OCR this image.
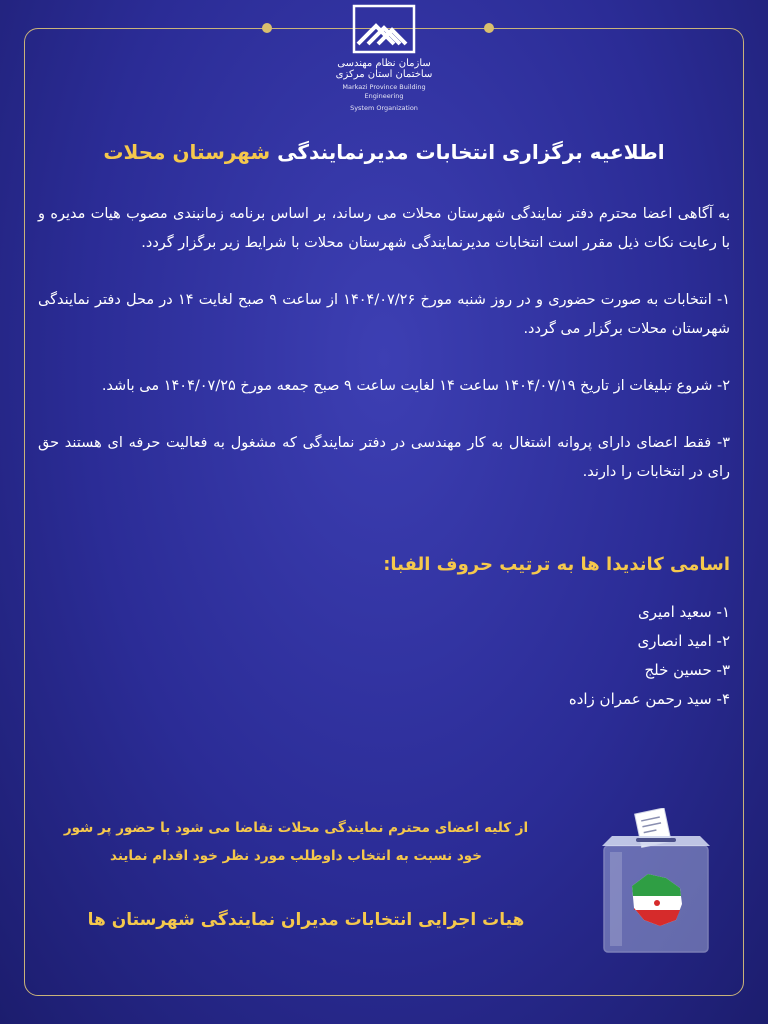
سازمان نظام مهندسی ساختمان استان مرکزی
Markazi Province Building Engineering
System Organization
اطلاعیه برگزاری انتخابات مدیرنمایندگی شهرستان محلات

به آگاهی اعضا محترم دفتر نمایندگی شهرستان محلات می رساند، بر اساس برنامه زمانبندی مصوب هیات مدیره و با رعایت نکات ذیل مقرر است انتخابات مدیرنمایندگی شهرستان محلات با شرایط زیر برگزار گردد.

۱- انتخابات به صورت حضوری و در روز شنبه مورخ ۱۴۰۴/۰۷/۲۶ از ساعت ۹ صبح لغایت ۱۴ در محل دفتر نمایندگی شهرستان محلات برگزار می گردد.

۲- شروع تبلیغات از تاریخ ۱۴۰۴/۰۷/۱۹ ساعت ۱۴ لغایت ساعت ۹ صبح جمعه مورخ ۱۴۰۴/۰۷/۲۵ می باشد.

۳- فقط اعضای دارای پروانه اشتغال به کار مهندسی در دفتر نمایندگی که مشغول به فعالیت حرفه ای هستند حق رای در انتخابات را دارند.

اسامی کاندیدا ها به ترتیب حروف الفبا:
۱- سعید امیری
۲- امید انصاری
۳- حسین خلج
۴- سید رحمن عمران زاده
از کلیه اعضای محترم نمایندگی محلات تقاضا می شود با حضور پر شور
خود نسبت به انتخاب داوطلب مورد نظر خود اقدام نمایند
هیات اجرایی انتخابات مدیران نمایندگی شهرستان ها
